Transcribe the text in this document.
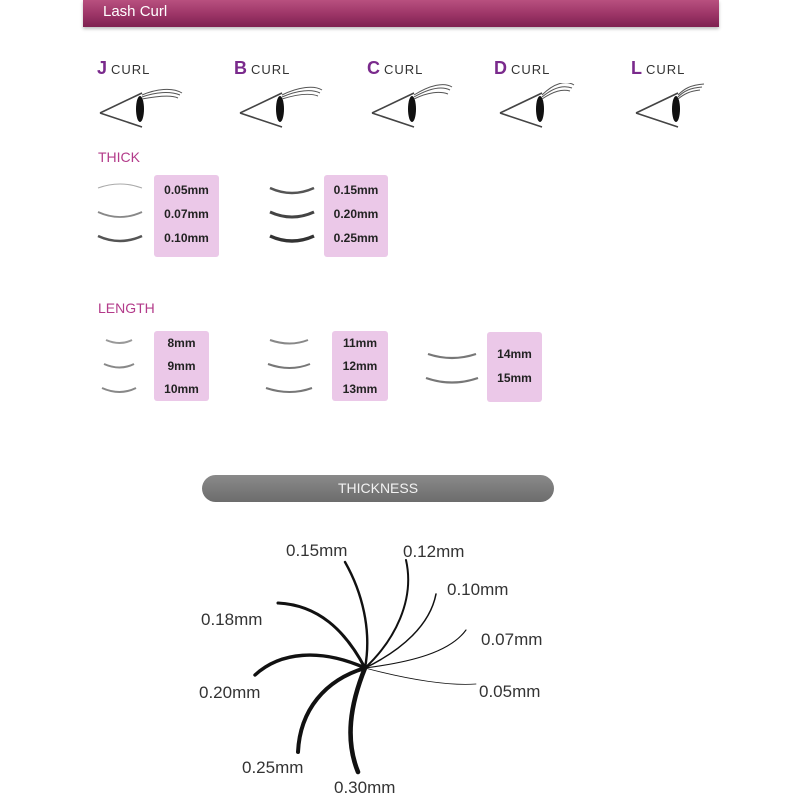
Lash Curl
J CURL	B CURL	C CURL	D CURL	L CURL
THICK
0.05mm
0.07mm
0.10mm
0.15mm
0.20mm
0.25mm
LENGTH
8mm
9mm
10mm
11mm
12mm
13mm
14mm
15mm
THICKNESS
0.15mm	0.12mm
0.10mm
0.18mm
0.07mm
0.20mm	0.05mm
0.25mm
0.30mm
